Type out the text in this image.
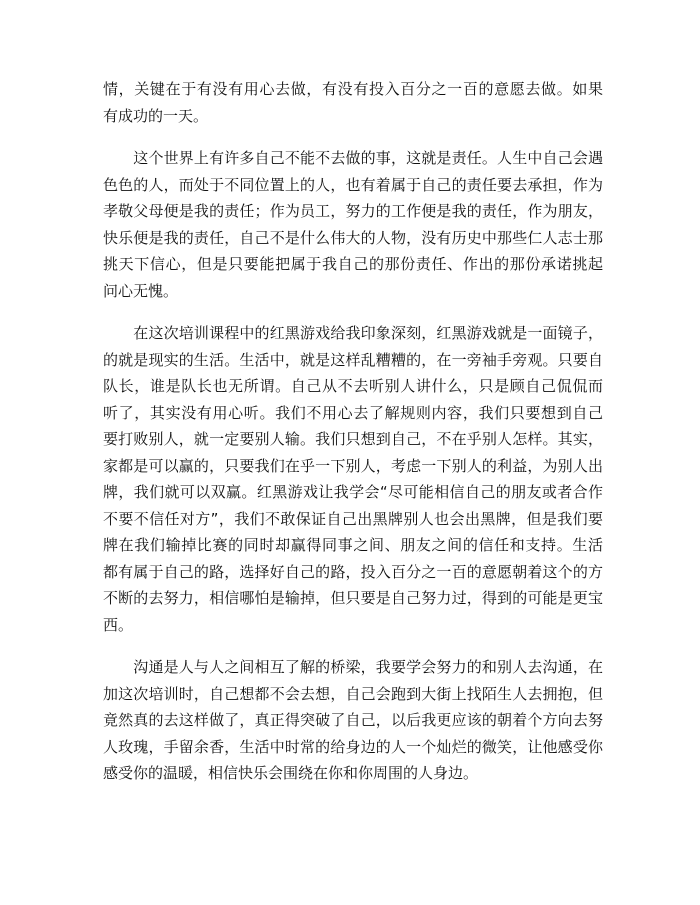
情，关键在于有没有用心去做，有没有投入百分之一百的意愿去做。如果
有成功的一天。
　　这个世界上有许多自己不能不去做的事，这就是责任。人生中自己会遇
色色的人，而处于不同位置上的人，也有着属于自己的责任要去承担，作为
孝敬父母便是我的责任；作为员工，努力的工作便是我的责任，作为朋友，
快乐便是我的责任，自己不是什么伟大的人物，没有历史中那些仁人志士那
挑天下信心，但是只要能把属于我自己的那份责任、作出的那份承诺挑起
问心无愧。
　　在这次培训课程中的红黑游戏给我印象深刻，红黑游戏就是一面镜子，
的就是现实的生活。生活中，就是这样乱糟糟的，在一旁袖手旁观。只要自
队长，谁是队长也无所谓。自己从不去听别人讲什么，只是顾自己侃侃而
听了，其实没有用心听。我们不用心去了解规则内容，我们只要想到自己
要打败别人，就一定要别人输。我们只想到自己，不在乎别人怎样。其实，
家都是可以赢的，只要我们在乎一下别人，考虑一下别人的利益，为别人出
牌，我们就可以双赢。红黑游戏让我学会“尽可能相信自己的朋友或者合作
不要不信任对方”，我们不敢保证自己出黑牌别人也会出黑牌，但是我们要
牌在我们输掉比赛的同时却赢得同事之间、朋友之间的信任和支持。生活
都有属于自己的路，选择好自己的路，投入百分之一百的意愿朝着这个的方
不断的去努力，相信哪怕是输掉，但只要是自己努力过，得到的可能是更宝
西。
　　沟通是人与人之间相互了解的桥梁，我要学会努力的和别人去沟通，在
加这次培训时，自己想都不会去想，自己会跑到大街上找陌生人去拥抱，但
竟然真的去这样做了，真正得突破了自己，以后我更应该的朝着个方向去努
人玫瑰，手留余香，生活中时常的给身边的人一个灿烂的微笑，让他感受你
感受你的温暖，相信快乐会围绕在你和你周围的人身边。
